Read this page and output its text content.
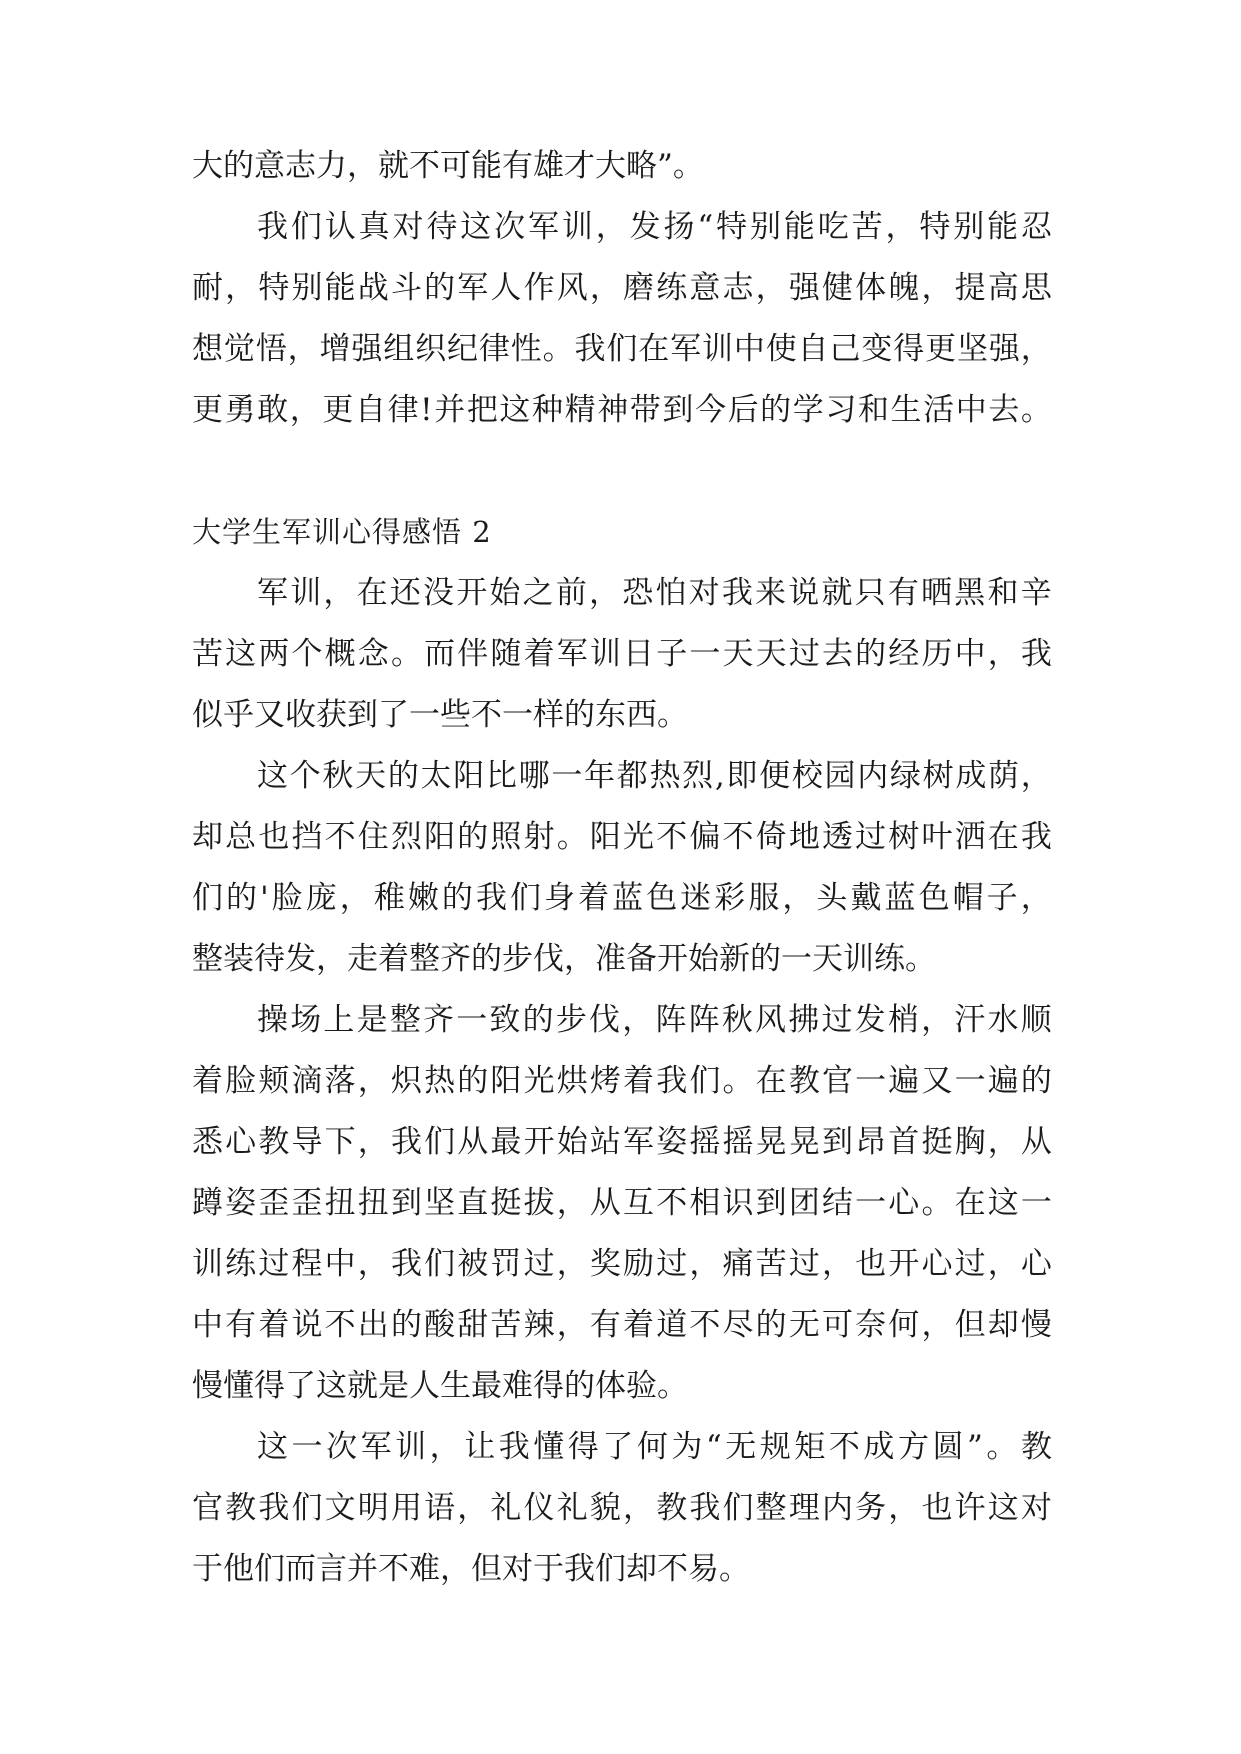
大 的 意 志 力 ， 就 不 可 能 有 雄 才 大 略 ” 。
我 们 认 真 对 待 这 次 军 训 ， 发 扬 “ 特 别 能 吃 苦 ， 特 别 能 忍
耐 ， 特 别 能 战 斗 的 军 人 作 风 ， 磨 练 意 志 ， 强 健 体 魄 ， 提 高 思
想 觉 悟 ， 增 强 组 织 纪 律 性 。 我 们 在 军 训 中 使 自 己 变 得 更 坚 强 ，
更 勇 敢 ， 更 自 律 ! 并 把 这 种 精 神 带 到 今 后 的 学 习 和 生 活 中 去 。
大学生军训心得感悟 2
军 训 ， 在 还 没 开 始 之 前 ， 恐 怕 对 我 来 说 就 只 有 晒 黑 和 辛
苦 这 两 个 概 念 。 而 伴 随 着 军 训 日 子 一 天 天 过 去 的 经 历 中 ， 我
似 乎 又 收 获 到 了 一 些 不 一 样 的 东 西 。
这 个 秋 天 的 太 阳 比 哪 一 年 都 热 烈 , 即 便 校 园 内 绿 树 成 荫 ，
却 总 也 挡 不 住 烈 阳 的 照 射 。 阳 光 不 偏 不 倚 地 透 过 树 叶 洒 在 我
们 的 ' 脸 庞 ， 稚 嫩 的 我 们 身 着 蓝 色 迷 彩 服 ， 头 戴 蓝 色 帽 子 ，
整 装 待 发 ， 走 着 整 齐 的 步 伐 ， 准 备 开 始 新 的 一 天 训 练 。
操 场 上 是 整 齐 一 致 的 步 伐 ， 阵 阵 秋 风 拂 过 发 梢 ， 汗 水 顺
着 脸 颊 滴 落 ， 炽 热 的 阳 光 烘 烤 着 我 们 。 在 教 官 一 遍 又 一 遍 的
悉 心 教 导 下 ， 我 们 从 最 开 始 站 军 姿 摇 摇 晃 晃 到 昂 首 挺 胸 ， 从
蹲 姿 歪 歪 扭 扭 到 坚 直 挺 拔 ， 从 互 不 相 识 到 团 结 一 心 。 在 这 一
训 练 过 程 中 ， 我 们 被 罚 过 ， 奖 励 过 ， 痛 苦 过 ， 也 开 心 过 ， 心
中 有 着 说 不 出 的 酸 甜 苦 辣 ， 有 着 道 不 尽 的 无 可 奈 何 ， 但 却 慢
慢 懂 得 了 这 就 是 人 生 最 难 得 的 体 验 。
这 一 次 军 训 ， 让 我 懂 得 了 何 为 “ 无 规 矩 不 成 方 圆 ” 。 教
官 教 我 们 文 明 用 语 ， 礼 仪 礼 貌 ， 教 我 们 整 理 内 务 ， 也 许 这 对
于 他 们 而 言 并 不 难 ， 但 对 于 我 们 却 不 易 。
